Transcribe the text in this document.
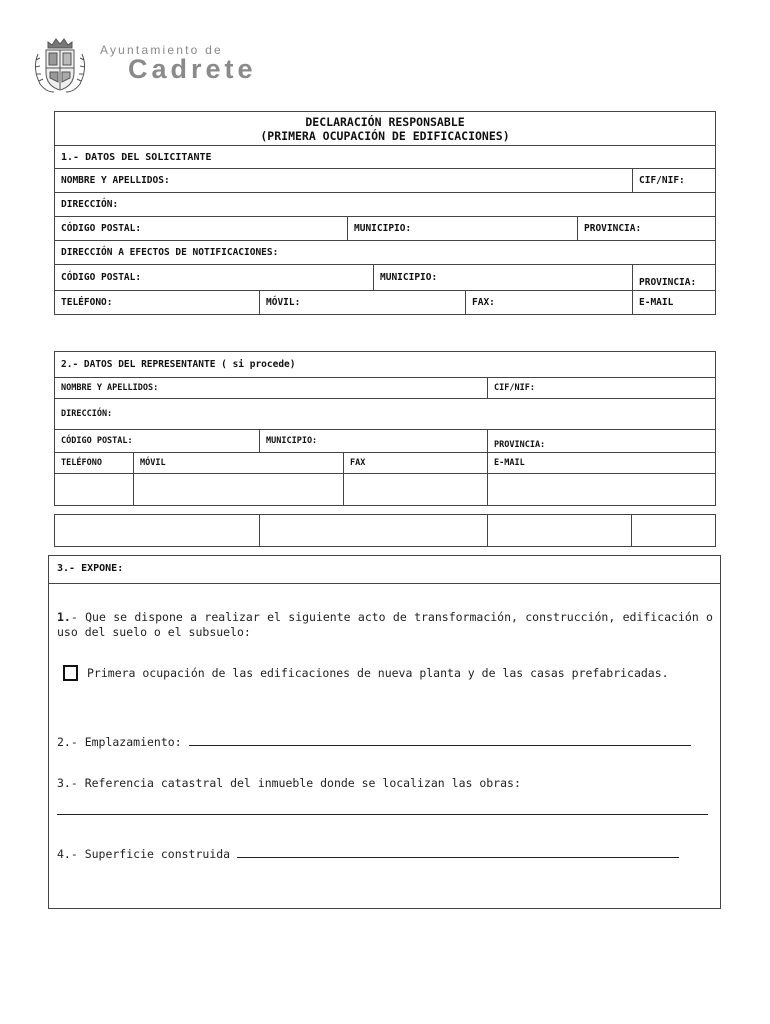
Ayuntamiento de
Cadrete
DECLARACIÓN RESPONSABLE
(PRIMERA OCUPACIÓN DE EDIFICACIONES)						

1.- DATOS DEL SOLICITANTE						
NOMBRE Y APELLIDOS:						CIF/NIF:
DIRECCIÓN:						
CÓDIGO POSTAL:		MUNICIPIO:			PROVINCIA:	
DIRECCIÓN A EFECTOS DE NOTIFICACIONES:						
CÓDIGO POSTAL:			MUNICIPIO:			PROVINCIA:
TELÉFONO:	MÓVIL:			FAX:		E-MAIL
2.- DATOS DEL REPRESENTANTE ( si procede)					
NOMBRE Y APELLIDOS:				CIF/NIF:	
DIRECCIÓN:					
CÓDIGO POSTAL:		MUNICIPIO:		PROVINCIA:	
TELÉFONO	MÓVIL		FAX	E-MAIL	

3.- EXPONE:
1.- Que se dispone a realizar el siguiente acto de transformación, construcción, edificación o uso del suelo o el subsuelo:
Primera ocupación de las edificaciones de nueva planta y de las casas prefabricadas.
2.- Emplazamiento:
3.- Referencia catastral del inmueble donde se localizan las obras:
4.- Superficie construida
